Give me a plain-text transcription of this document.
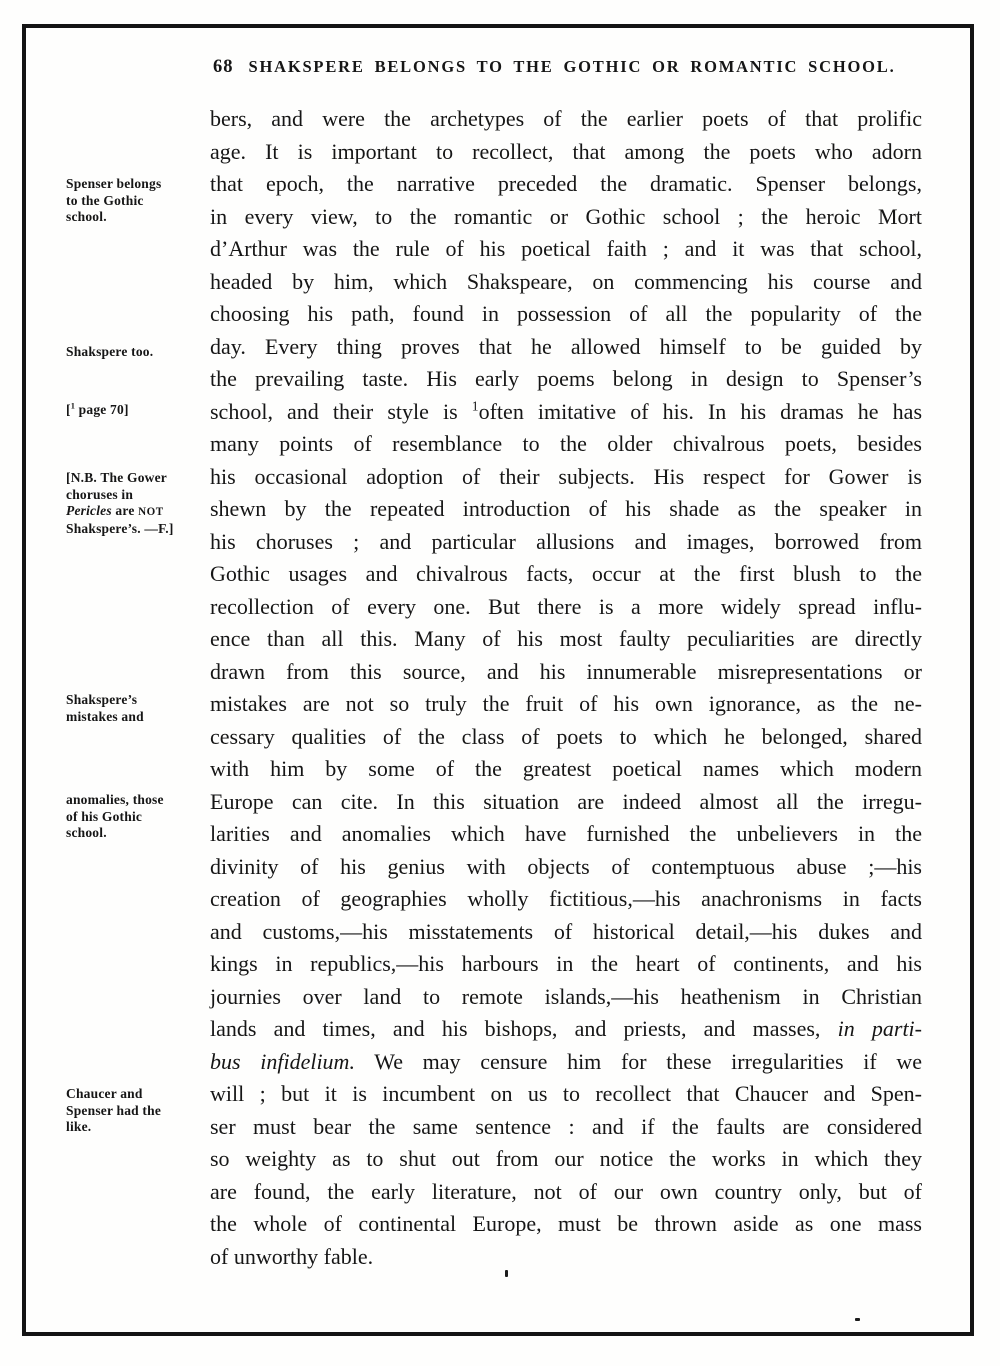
68 SHAKSPERE BELONGS TO THE GOTHIC OR ROMANTIC SCHOOL.
bers, and were the archetypes of the earlier poets of that prolific
age. It is important to recollect, that among the poets who adorn
that epoch, the narrative preceded the dramatic. Spenser belongs,
in every view, to the romantic or Gothic school ; the heroic Mort
d’Arthur was the rule of his poetical faith ; and it was that school,
headed by him, which Shakspeare, on commencing his course and
choosing his path, found in possession of all the popularity of the
day. Every thing proves that he allowed himself to be guided by
the prevailing taste. His early poems belong in design to Spenser’s
school, and their style is $^1$often imitative of his. In his dramas he has
many points of resemblance to the older chivalrous poets, besides
his occasional adoption of their subjects. His respect for Gower is
shewn by the repeated introduction of his shade as the speaker in
his choruses ; and particular allusions and images, borrowed from
Gothic usages and chivalrous facts, occur at the first blush to the
recollection of every one. But there is a more widely spread influ-
ence than all this. Many of his most faulty peculiarities are directly
drawn from this source, and his innumerable misrepresentations or
mistakes are not so truly the fruit of his own ignorance, as the ne-
cessary qualities of the class of poets to which he belonged, shared
with him by some of the greatest poetical names which modern
Europe can cite. In this situation are indeed almost all the irregu-
larities and anomalies which have furnished the unbelievers in the
divinity of his genius with objects of contemptuous abuse ;—his
creation of geographies wholly fictitious,—his anachronisms in facts
and customs,—his misstatements of historical detail,—his dukes and
kings in republics,—his harbours in the heart of continents, and his
journies over land to remote islands,—his heathenism in Christian
lands and times, and his bishops, and priests, and masses, in parti-
bus infidelium. We may censure him for these irregularities if we
will ; but it is incumbent on us to recollect that Chaucer and Spen-
ser must bear the same sentence : and if the faults are considered
so weighty as to shut out from our notice the works in which they
are found, the early literature, not of our own country only, but of
the whole of continental Europe, must be thrown aside as one mass
of unworthy fable.
Spenser belongs
to the Gothic
school.
Shakspere too.
[$^1$ page 70]
[N.B. The Gower
choruses in
Pericles are NOT
Shakspere’s. —F.]
Shakspere’s
mistakes and
anomalies, those
of his Gothic
school.
Chaucer and
Spenser had the
like.
